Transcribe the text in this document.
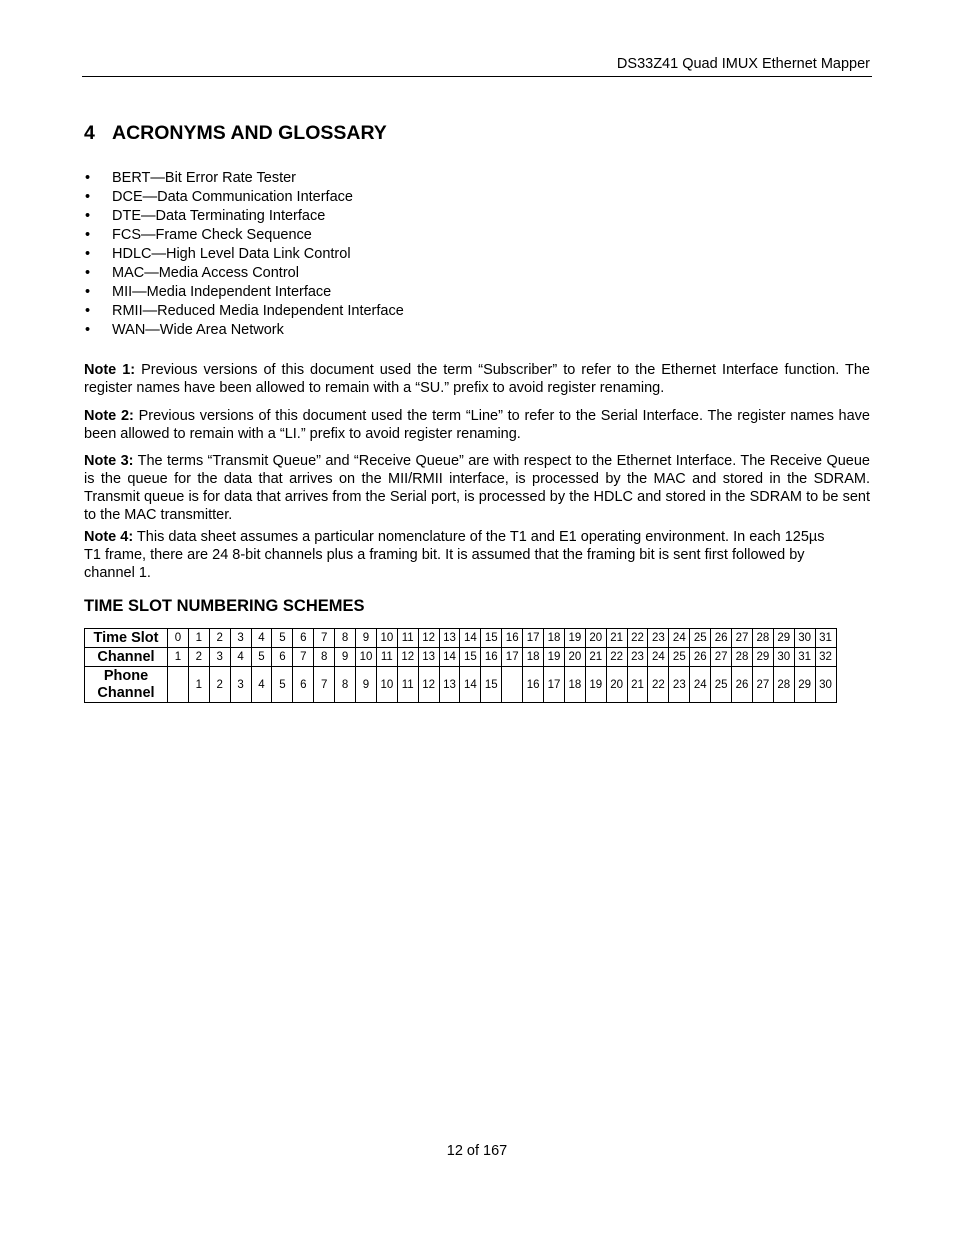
DS33Z41 Quad IMUX Ethernet Mapper
4 ACRONYMS AND GLOSSARY
• BERT—Bit Error Rate Tester
• DCE—Data Communication Interface
• DTE—Data Terminating Interface
• FCS—Frame Check Sequence
• HDLC—High Level Data Link Control
• MAC—Media Access Control
• MII—Media Independent Interface
• RMII—Reduced Media Independent Interface
• WAN—Wide Area Network

Note 1: Previous versions of this document used the term “Subscriber” to refer to the Ethernet Interface function. The register names have been allowed to remain with a “SU.” prefix to avoid register renaming.

Note 2: Previous versions of this document used the term “Line” to refer to the Serial Interface. The register names have been allowed to remain with a “LI.” prefix to avoid register renaming.

Note 3: The terms “Transmit Queue” and “Receive Queue” are with respect to the Ethernet Interface. The Receive Queue is the queue for the data that arrives on the MII/RMII interface, is processed by the MAC and stored in the SDRAM. Transmit queue is for data that arrives from the Serial port, is processed by the HDLC and stored in the SDRAM to be sent to the MAC transmitter.

Note 4: This data sheet assumes a particular nomenclature of the T1 and E1 operating environment. In each 125µs T1 frame, there are 24 8-bit channels plus a framing bit. It is assumed that the framing bit is sent first followed by channel 1.

TIME SLOT NUMBERING SCHEMES
Time Slot	0	1	2	3	4	5	6	7	8	9	10	11	12	13	14	15	16	17	18	19	20	21	22	23	24	25	26	27	28	29	30	31
Channel	1	2	3	4	5	6	7	8	9	10	11	12	13	14	15	16	17	18	19	20	21	22	23	24	25	26	27	28	29	30	31	32
Phone Channel		1	2	3	4	5	6	7	8	9	10	11	12	13	14	15		16	17	18	19	20	21	22	23	24	25	26	27	28	29	30
12 of 167
